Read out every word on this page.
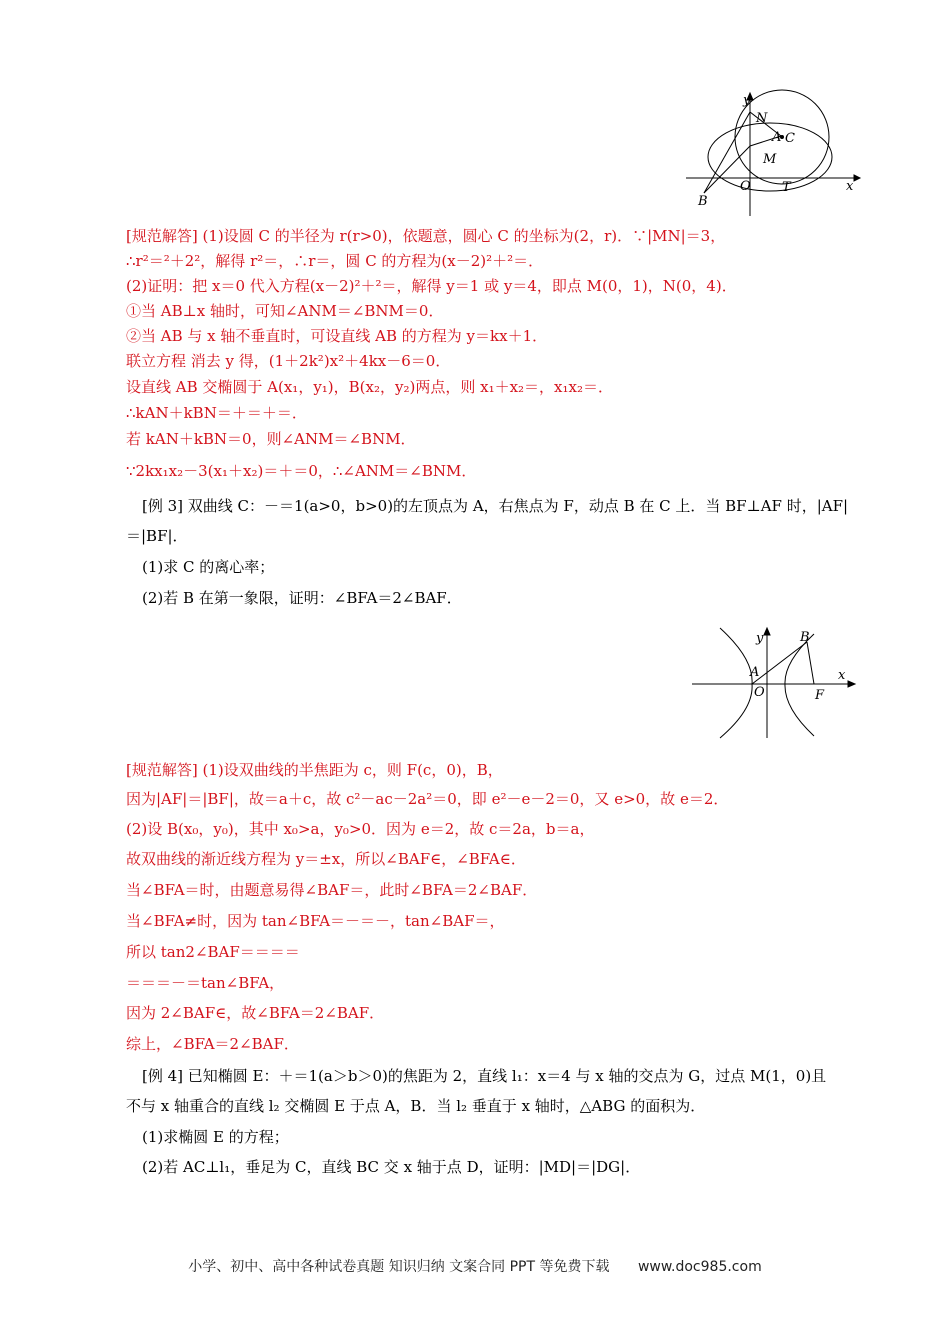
y
x
N
C
A
M
O T
B
[规范解答] (1)设圆 C 的半径为 r(r>0)，依题意，圆心 C 的坐标为(2，r)．∵|MN|＝3，
∴r²＝²＋2²，解得 r²＝，∴r＝，圆 C 的方程为(x－2)²＋²＝．
(2)证明：把 x＝0 代入方程(x－2)²＋²＝，解得 y＝1 或 y＝4，即点 M(0，1)，N(0，4)．
①当 AB⊥x 轴时，可知∠ANM＝∠BNM＝0．
②当 AB 与 x 轴不垂直时，可设直线 AB 的方程为 y＝kx＋1．
联立方程 消去 y 得，(1＋2k²)x²＋4kx－6＝0．
设直线 AB 交椭圆于 A(x₁，y₁)，B(x₂，y₂)两点，则 x₁＋x₂＝，x₁x₂＝．
∴kAN＋kBN＝＋＝＋＝．
若 kAN＋kBN＝0，则∠ANM＝∠BNM．
∵2kx₁x₂－3(x₁＋x₂)＝＋＝0，∴∠ANM＝∠BNM．
[例 3] 双曲线 C：－＝1(a>0，b>0)的左顶点为 A，右焦点为 F，动点 B 在 C 上．当 BF⊥AF 时，|AF|
＝|BF|．
(1)求 C 的离心率；
(2)若 B 在第一象限，证明：∠BFA＝2∠BAF．
y
x
A
O
B
F
[规范解答] (1)设双曲线的半焦距为 c，则 F(c，0)，B，
因为|AF|＝|BF|，故＝a＋c，故 c²－ac－2a²＝0，即 e²－e－2＝0，又 e>0，故 e＝2．
(2)设 B(x₀，y₀)，其中 x₀>a，y₀>0．因为 e＝2，故 c＝2a，b＝a，
故双曲线的渐近线方程为 y＝±x，所以∠BAF∈，∠BFA∈．
当∠BFA＝时，由题意易得∠BAF＝，此时∠BFA＝2∠BAF．
当∠BFA≠时，因为 tan∠BFA＝－＝－，tan∠BAF＝，
所以 tan2∠BAF＝＝＝＝
＝＝＝－＝tan∠BFA，
因为 2∠BAF∈，故∠BFA＝2∠BAF．
综上，∠BFA＝2∠BAF．
[例 4] 已知椭圆 E：＋＝1(a＞b＞0)的焦距为 2，直线 l₁：x＝4 与 x 轴的交点为 G，过点 M(1，0)且
不与 x 轴重合的直线 l₂ 交椭圆 E 于点 A，B．当 l₂ 垂直于 x 轴时，△ABG 的面积为．
(1)求椭圆 E 的方程；
(2)若 AC⊥l₁，垂足为 C，直线 BC 交 x 轴于点 D，证明：|MD|＝|DG|．
小学、初中、高中各种试卷真题 知识归纳 文案合同 PPT 等免费下载 www.doc985.com
